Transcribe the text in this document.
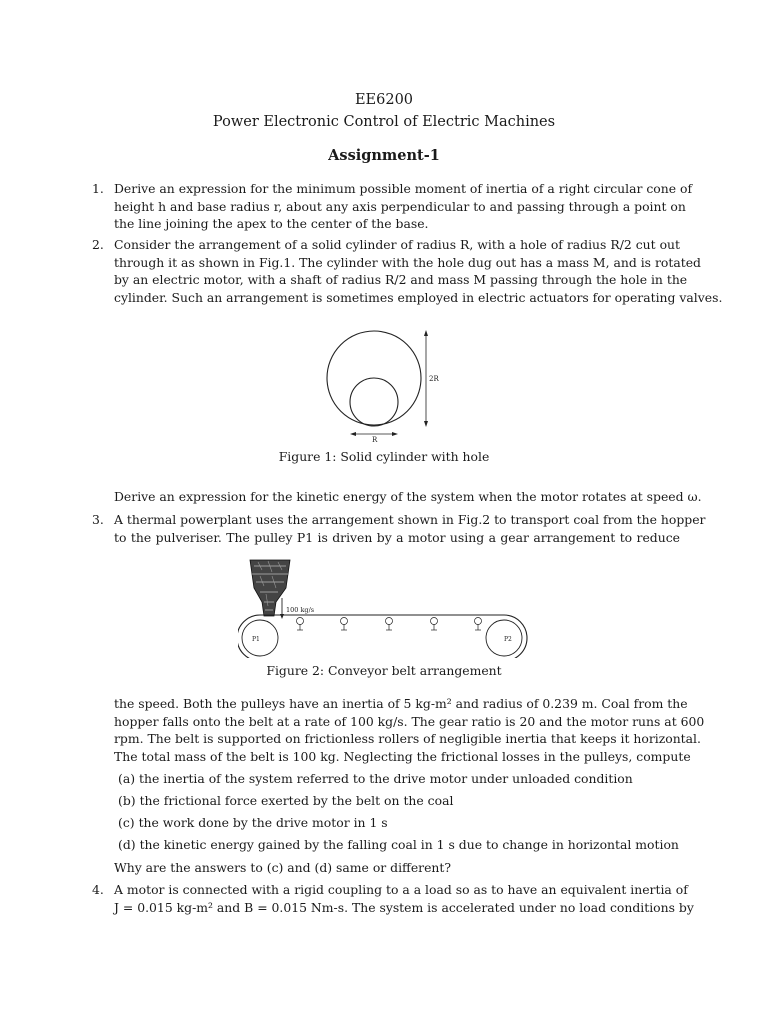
EE6200
Power Electronic Control of Electric Machines
Assignment-1
1. Derive an expression for the minimum possible moment of inertia of a right circular cone of
height h and base radius r, about any axis perpendicular to and passing through a point on
the line joining the apex to the center of the base.
2. Consider the arrangement of a solid cylinder of radius R, with a hole of radius R/2 cut out
through it as shown in Fig.1. The cylinder with the hole dug out has a mass M, and is rotated
by an electric motor, with a shaft of radius R/2 and mass M passing through the hole in the
cylinder. Such an arrangement is sometimes employed in electric actuators for operating valves.
2R
R
Figure 1: Solid cylinder with hole
Derive an expression for the kinetic energy of the system when the motor rotates at speed ω.
3. A thermal powerplant uses the arrangement shown in Fig.2 to transport coal from the hopper
to the pulveriser. The pulley P1 is driven by a motor using a gear arrangement to reduce
100 kg/s
P1	P2
Figure 2: Conveyor belt arrangement
the speed. Both the pulleys have an inertia of 5 kg-m² and radius of 0.239 m. Coal from the
hopper falls onto the belt at a rate of 100 kg/s. The gear ratio is 20 and the motor runs at 600
rpm. The belt is supported on frictionless rollers of negligible inertia that keeps it horizontal.
The total mass of the belt is 100 kg. Neglecting the frictional losses in the pulleys, compute
(a) the inertia of the system referred to the drive motor under unloaded condition
(b) the frictional force exerted by the belt on the coal
(c) the work done by the drive motor in 1 s
(d) the kinetic energy gained by the falling coal in 1 s due to change in horizontal motion
Why are the answers to (c) and (d) same or different?
4. A motor is connected with a rigid coupling to a a load so as to have an equivalent inertia of
J = 0.015 kg-m² and B = 0.015 Nm-s. The system is accelerated under no load conditions by
